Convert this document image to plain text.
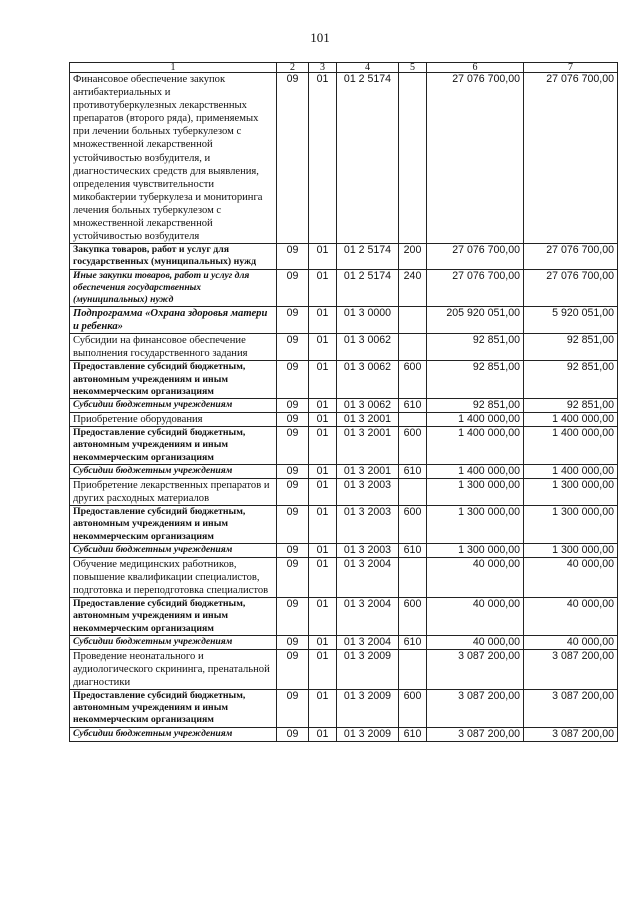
101
1	2	3	4	5	6	7
Финансовое обеспечение закупок антибактериальных и противотуберкулезных лекарственных препаратов (второго ряда), применяемых при лечении больных туберкулезом с множественной лекарственной устойчивостью возбудителя, и диагностических средств для выявления, определения чувствительности микобактерии туберкулеза и мониторинга лечения больных туберкулезом с множественной лекарственной устойчивостью возбудителя	09	01	01 2 5174		27 076 700,00	27 076 700,00
Закупка товаров, работ и услуг для государственных (муниципальных) нужд	09	01	01 2 5174	200	27 076 700,00	27 076 700,00
Иные закупки товаров, работ и услуг для обеспечения государственных (муниципальных) нужд	09	01	01 2 5174	240	27 076 700,00	27 076 700,00
Подпрограмма «Охрана здоровья матери и ребенка»	09	01	01 3 0000		205 920 051,00	5 920 051,00
Субсидии на финансовое обеспечение выполнения государственного задания	09	01	01 3 0062		92 851,00	92 851,00
Предоставление субсидий бюджетным, автономным учреждениям и иным некоммерческим организациям	09	01	01 3 0062	600	92 851,00	92 851,00
Субсидии бюджетным учреждениям	09	01	01 3 0062	610	92 851,00	92 851,00
Приобретение оборудования	09	01	01 3 2001		1 400 000,00	1 400 000,00
Предоставление субсидий бюджетным, автономным учреждениям и иным некоммерческим организациям	09	01	01 3 2001	600	1 400 000,00	1 400 000,00
Субсидии бюджетным учреждениям	09	01	01 3 2001	610	1 400 000,00	1 400 000,00
Приобретение лекарственных препаратов и других расходных материалов	09	01	01 3 2003		1 300 000,00	1 300 000,00
Предоставление субсидий бюджетным, автономным учреждениям и иным некоммерческим организациям	09	01	01 3 2003	600	1 300 000,00	1 300 000,00
Субсидии бюджетным учреждениям	09	01	01 3 2003	610	1 300 000,00	1 300 000,00
Обучение медицинских работников, повышение квалификации специалистов, подготовка и переподготовка специалистов	09	01	01 3 2004		40 000,00	40 000,00
Предоставление субсидий бюджетным, автономным учреждениям и иным некоммерческим организациям	09	01	01 3 2004	600	40 000,00	40 000,00
Субсидии бюджетным учреждениям	09	01	01 3 2004	610	40 000,00	40 000,00
Проведение неонатального и аудиологического скрининга, пренатальной диагностики	09	01	01 3 2009		3 087 200,00	3 087 200,00
Предоставление субсидий бюджетным, автономным учреждениям и иным некоммерческим организациям	09	01	01 3 2009	600	3 087 200,00	3 087 200,00
Субсидии бюджетным учреждениям	09	01	01 3 2009	610	3 087 200,00	3 087 200,00
